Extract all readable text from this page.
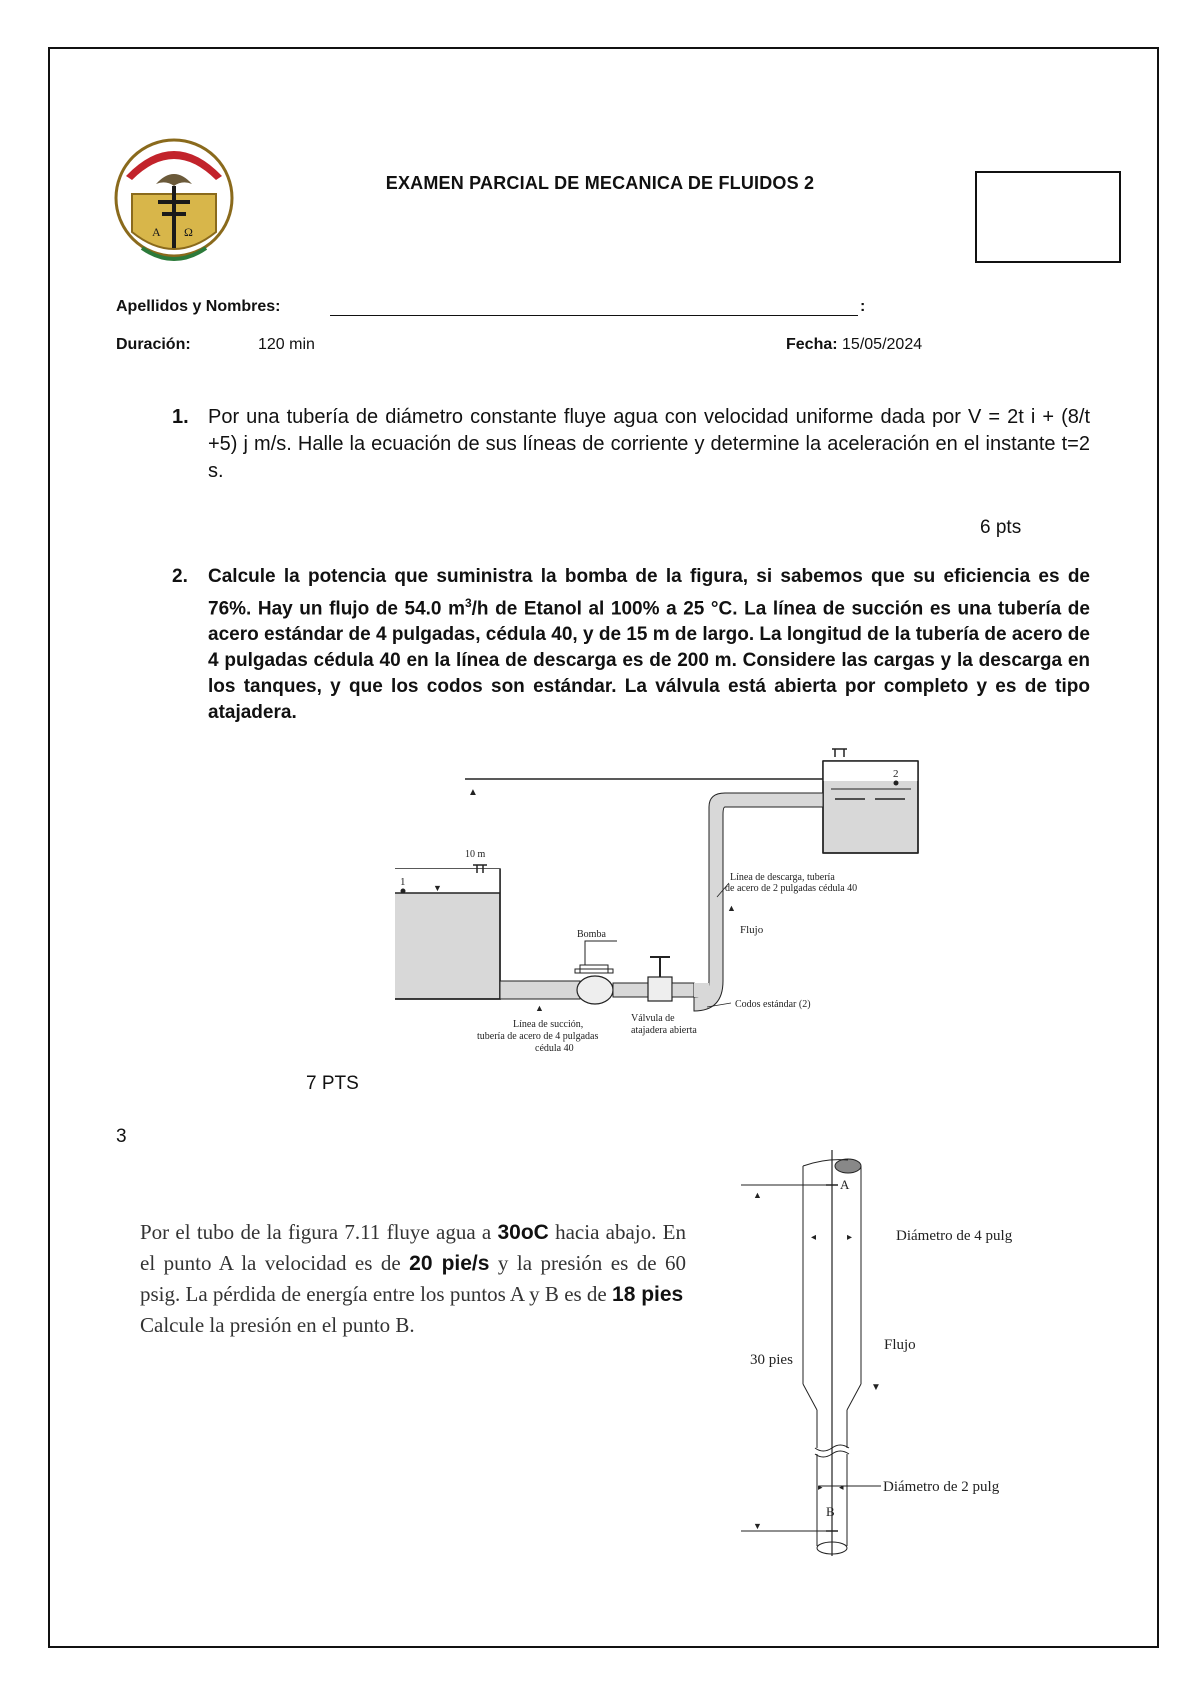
Α Ω
CATOLICA DE TRUJILLO
EXAMEN PARCIAL DE MECANICA DE FLUIDOS 2
Apellidos y Nombres:	:
Duración:	120 min	Fecha: 15/05/2024
1. Por una tubería de diámetro constante fluye agua con velocidad uniforme dada por V = 2t i + (8/t +5) j m/s. Halle la ecuación de sus líneas de corriente y determine la aceleración en el instante t=2 s.
6 pts
2. Calcule la potencia que suministra la bomba de la figura, si sabemos que su eficiencia es de 76%. Hay un flujo de 54.0 $m^3/h$ de Etanol al 100% a 25 °C. La línea de succión es una tubería de acero estándar de 4 pulgadas, cédula 40, y de 15 m de largo. La longitud de la tubería de acero de 4 pulgadas cédula 40 en la línea de descarga es de 200 m. Considere las cargas y la descarga en los tanques, y que los codos son estándar. La válvula está abierta por completo y es de tipo atajadera.
▲
2
10 m
1	▼
▲
Bomba
Línea de descarga, tubería
de acero de 2 pulgadas cédula 40
▲
Flujo
Codos estándar (2)
Válvula de
atajadera abierta
Línea de succión,
tubería de acero de 4 pulgadas
cédula 40
7 PTS
3
Por el tubo de la figura 7.11 fluye agua a 30oC hacia abajo. En el punto A la velocidad es de 20 pie/s y la presión es de 60 psig. La pérdida de energía entre los puntos A y B es de 18 pies
Calcule la presión en el punto B.
▲
A
◂	▸	Diámetro de 4 pulg
Flujo
▼
30 pies
▸ ◂	Diámetro de 2 pulg
B
▼
